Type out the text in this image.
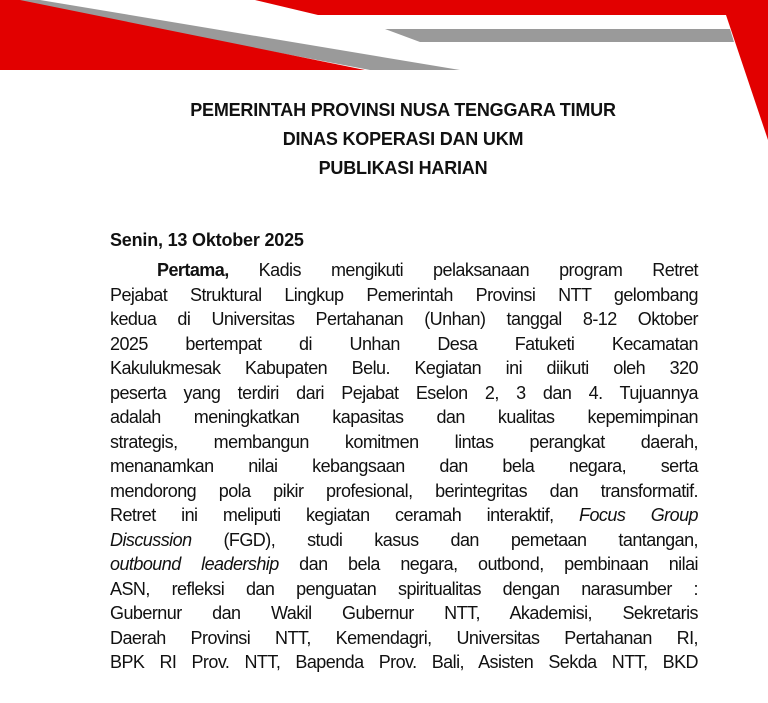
PEMERINTAH PROVINSI NUSA TENGGARA TIMUR
DINAS KOPERASI DAN UKM
PUBLIKASI HARIAN
Senin, 13 Oktober 2025
Pertama, Kadis mengikuti pelaksanaan program Retret
Pejabat Struktural Lingkup Pemerintah Provinsi NTT gelombang
kedua di Universitas Pertahanan (Unhan) tanggal 8-12 Oktober
2025 bertempat di Unhan Desa Fatuketi Kecamatan
Kakulukmesak Kabupaten Belu. Kegiatan ini diikuti oleh 320
peserta yang terdiri dari Pejabat Eselon 2, 3 dan 4. Tujuannya
adalah meningkatkan kapasitas dan kualitas kepemimpinan
strategis, membangun komitmen lintas perangkat daerah,
menanamkan nilai kebangsaan dan bela negara, serta
mendorong pola pikir profesional, berintegritas dan transformatif.
Retret ini meliputi kegiatan ceramah interaktif, Focus Group
Discussion (FGD), studi kasus dan pemetaan tantangan,
outbound leadership dan bela negara, outbond, pembinaan nilai
ASN, refleksi dan penguatan spiritualitas dengan narasumber :
Gubernur dan Wakil Gubernur NTT, Akademisi, Sekretaris
Daerah Provinsi NTT, Kemendagri, Universitas Pertahanan RI,
BPK RI Prov. NTT, Bapenda Prov. Bali, Asisten Sekda NTT, BKD
